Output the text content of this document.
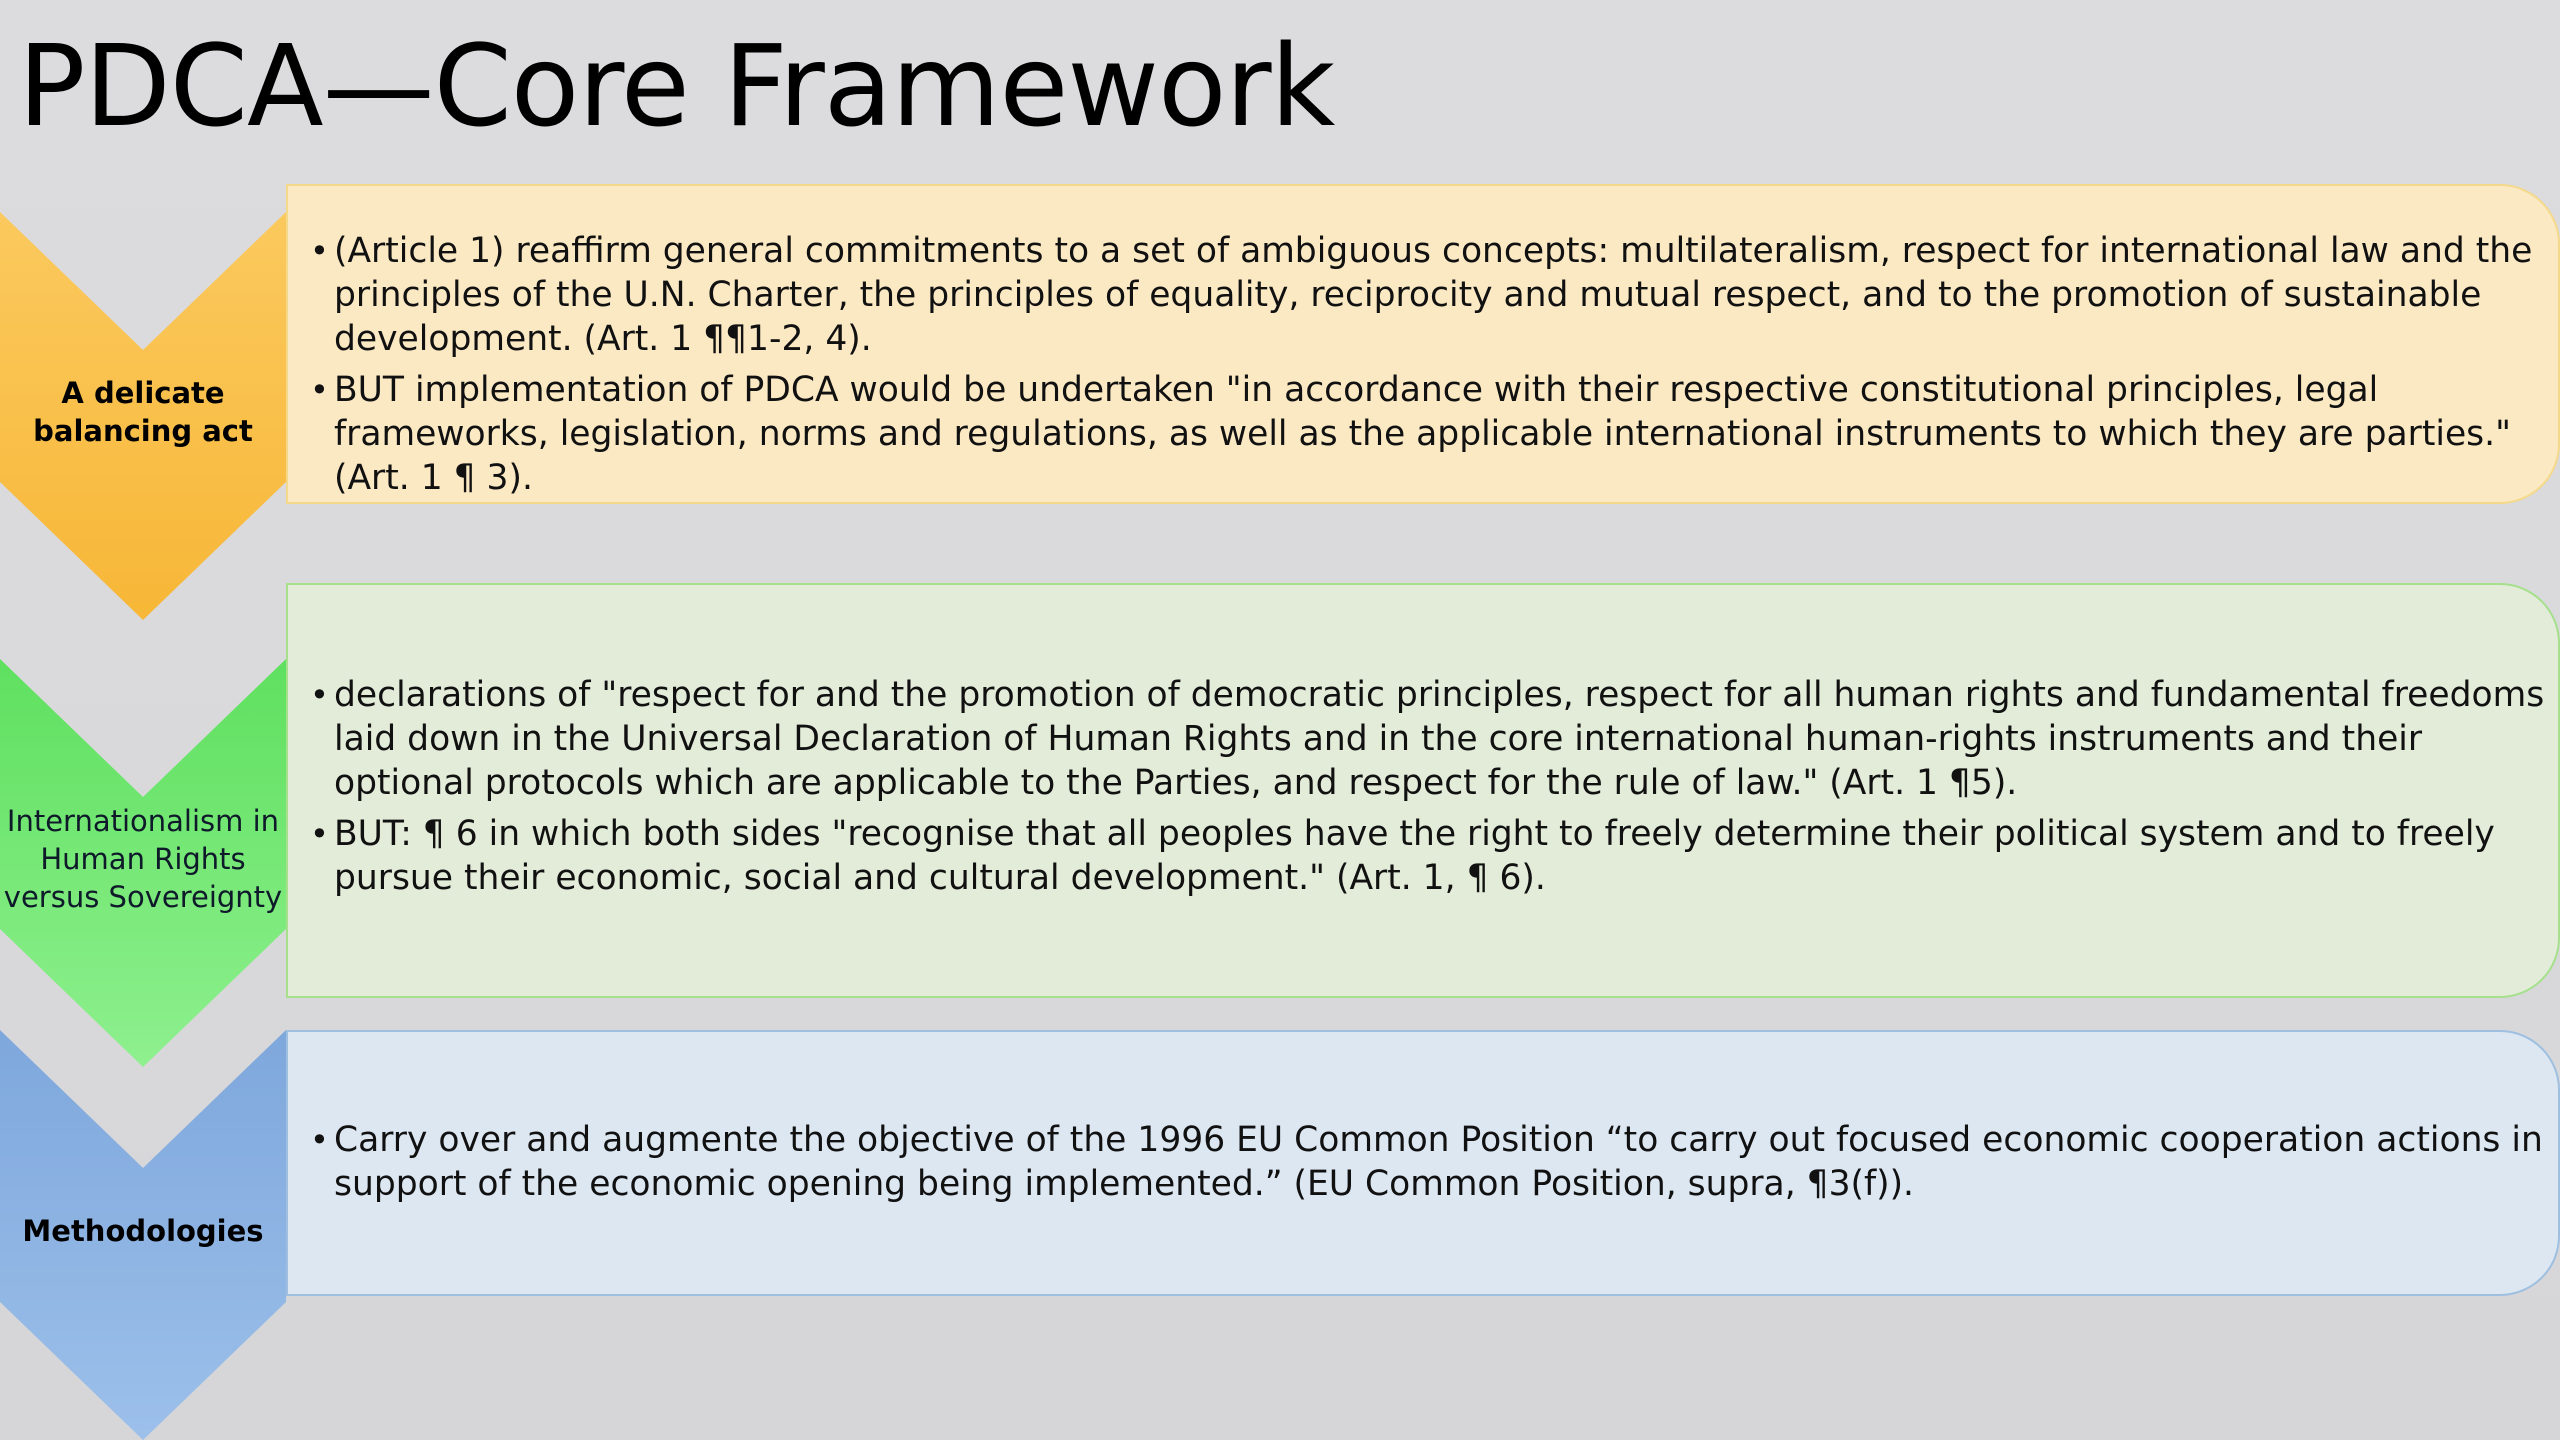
PDCA—Core Framework
A delicate
balancing act
• (Article 1) reaffirm general commitments to a set of ambiguous concepts: multilateralism, respect for international law and the principles of the U.N. Charter, the principles of equality, reciprocity and mutual respect, and to the promotion of sustainable development. (Art. 1 ¶¶1-2, 4).
• BUT implementation of PDCA would be undertaken "in accordance with their respective constitutional principles, legal frameworks, legislation, norms and regulations, as well as the applicable international instruments to which they are parties." (Art. 1 ¶ 3).
Internationalism in
Human Rights
versus Sovereignty
• declarations of "respect for and the promotion of democratic principles, respect for all human rights and fundamental freedoms laid down in the Universal Declaration of Human Rights and in the core international human-rights instruments and their optional protocols which are applicable to the Parties, and respect for the rule of law." (Art. 1 ¶5).
• BUT: ¶ 6 in which both sides "recognise that all peoples have the right to freely determine their political system and to freely pursue their economic, social and cultural development." (Art. 1, ¶ 6).
Methodologies
• Carry over and augmente the objective of the 1996 EU Common Position “to carry out focused economic cooperation actions in support of the economic opening being implemented.” (EU Common Position, supra, ¶3(f)).
